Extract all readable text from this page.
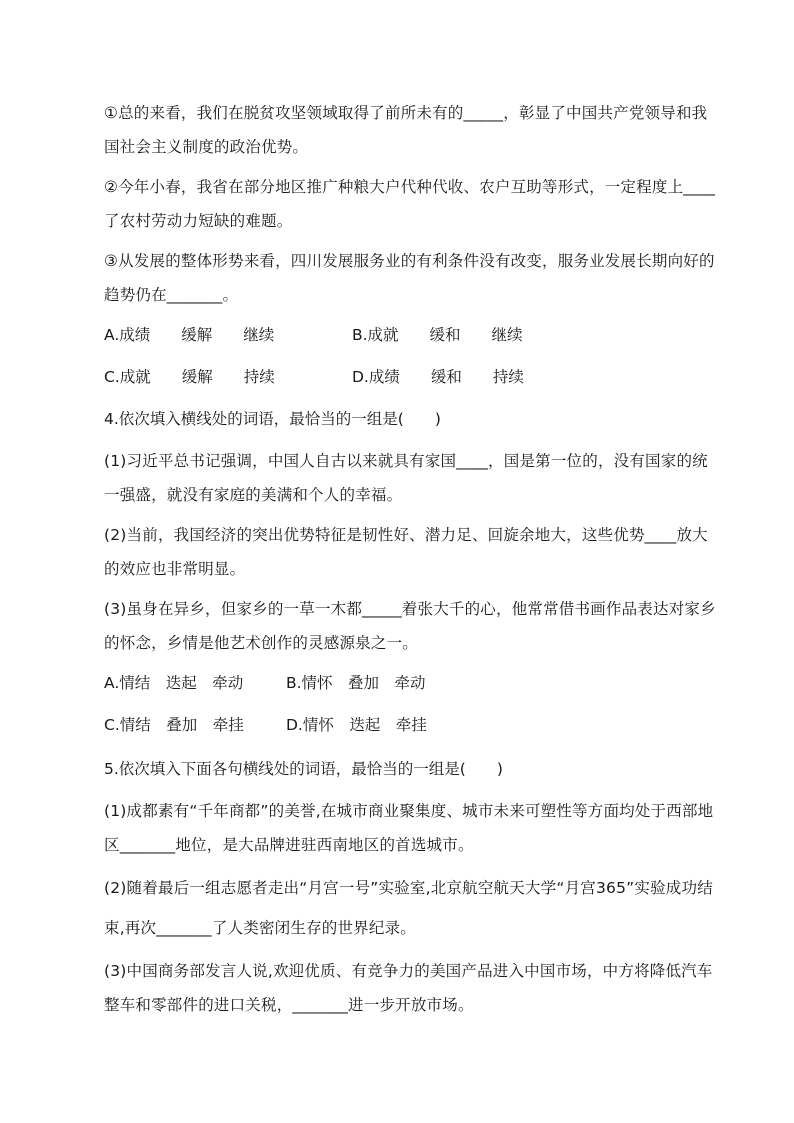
①总的来看，我们在脱贫攻坚领域取得了前所未有的_____，彰显了中国共产党领导和我国社会主义制度的政治优势。

②今年小春，我省在部分地区推广种粮大户代种代收、农户互助等形式，一定程度上____了农村劳动力短缺的难题。

③从发展的整体形势来看，四川发展服务业的有利条件没有改变，服务业发展长期向好的趋势仍在_______。

A.成绩　　缓解　　继续	B.成就　　缓和　　继续
C.成就　　缓解　　持续	D.成绩　　缓和　　持续
4.依次填入横线处的词语，最恰当的一组是(　　)

(1)习近平总书记强调，中国人自古以来就具有家国____，国是第一位的，没有国家的统一强盛，就没有家庭的美满和个人的幸福。

(2)当前，我国经济的突出优势特征是韧性好、潜力足、回旋余地大，这些优势____放大的效应也非常明显。

(3)虽身在异乡，但家乡的一草一木都_____着张大千的心，他常常借书画作品表达对家乡的怀念，乡情是他艺术创作的灵感源泉之一。

A.情结　迭起　牵动	B.情怀　叠加　牵动
C.情结　叠加　牵挂	D.情怀　迭起　牵挂
5.依次填入下面各句横线处的词语，最恰当的一组是(　　)

(1)成都素有“千年商都”的美誉,在城市商业聚集度、城市未来可塑性等方面均处于西部地区_______地位，是大品牌进驻西南地区的首选城市。

(2)随着最后一组志愿者走出“月宫一号”实验室,北京航空航天大学“月宫365”实验成功结束,再次_______了人类密闭生存的世界纪录。

(3)中国商务部发言人说,欢迎优质、有竞争力的美国产品进入中国市场，中方将降低汽车整车和零部件的进口关税，_______进一步开放市场。
